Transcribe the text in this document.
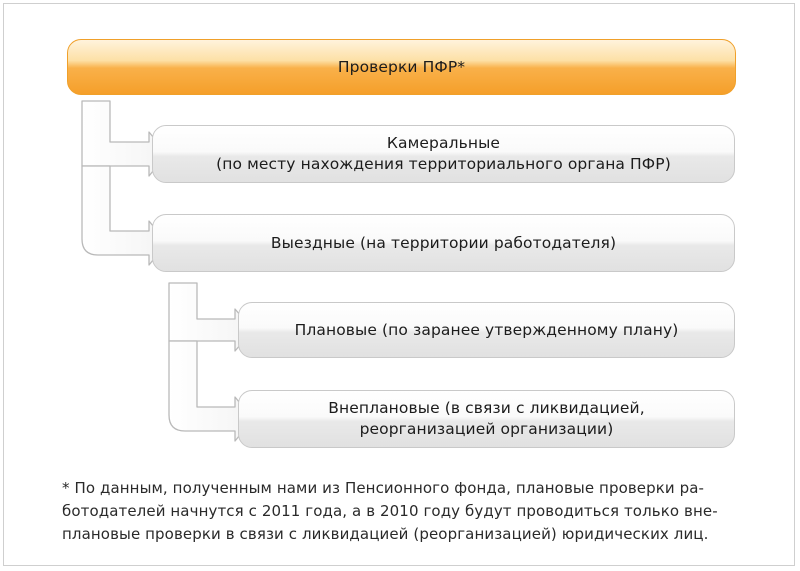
Проверки ПФР*
Камеральные
(по месту нахождения территориального органа ПФР)
Выездные (на территории работодателя)
Плановые (по заранее утвержденному плану)
Внеплановые (в связи с ликвидацией,
реорганизацией организации)
* По данным, полученным нами из Пенсионного фонда, плановые проверки ра-
ботодателей начнутся с 2011 года, а в 2010 году будут проводиться только вне-
плановые проверки в связи с ликвидацией (реорганизацией) юридических лиц.
